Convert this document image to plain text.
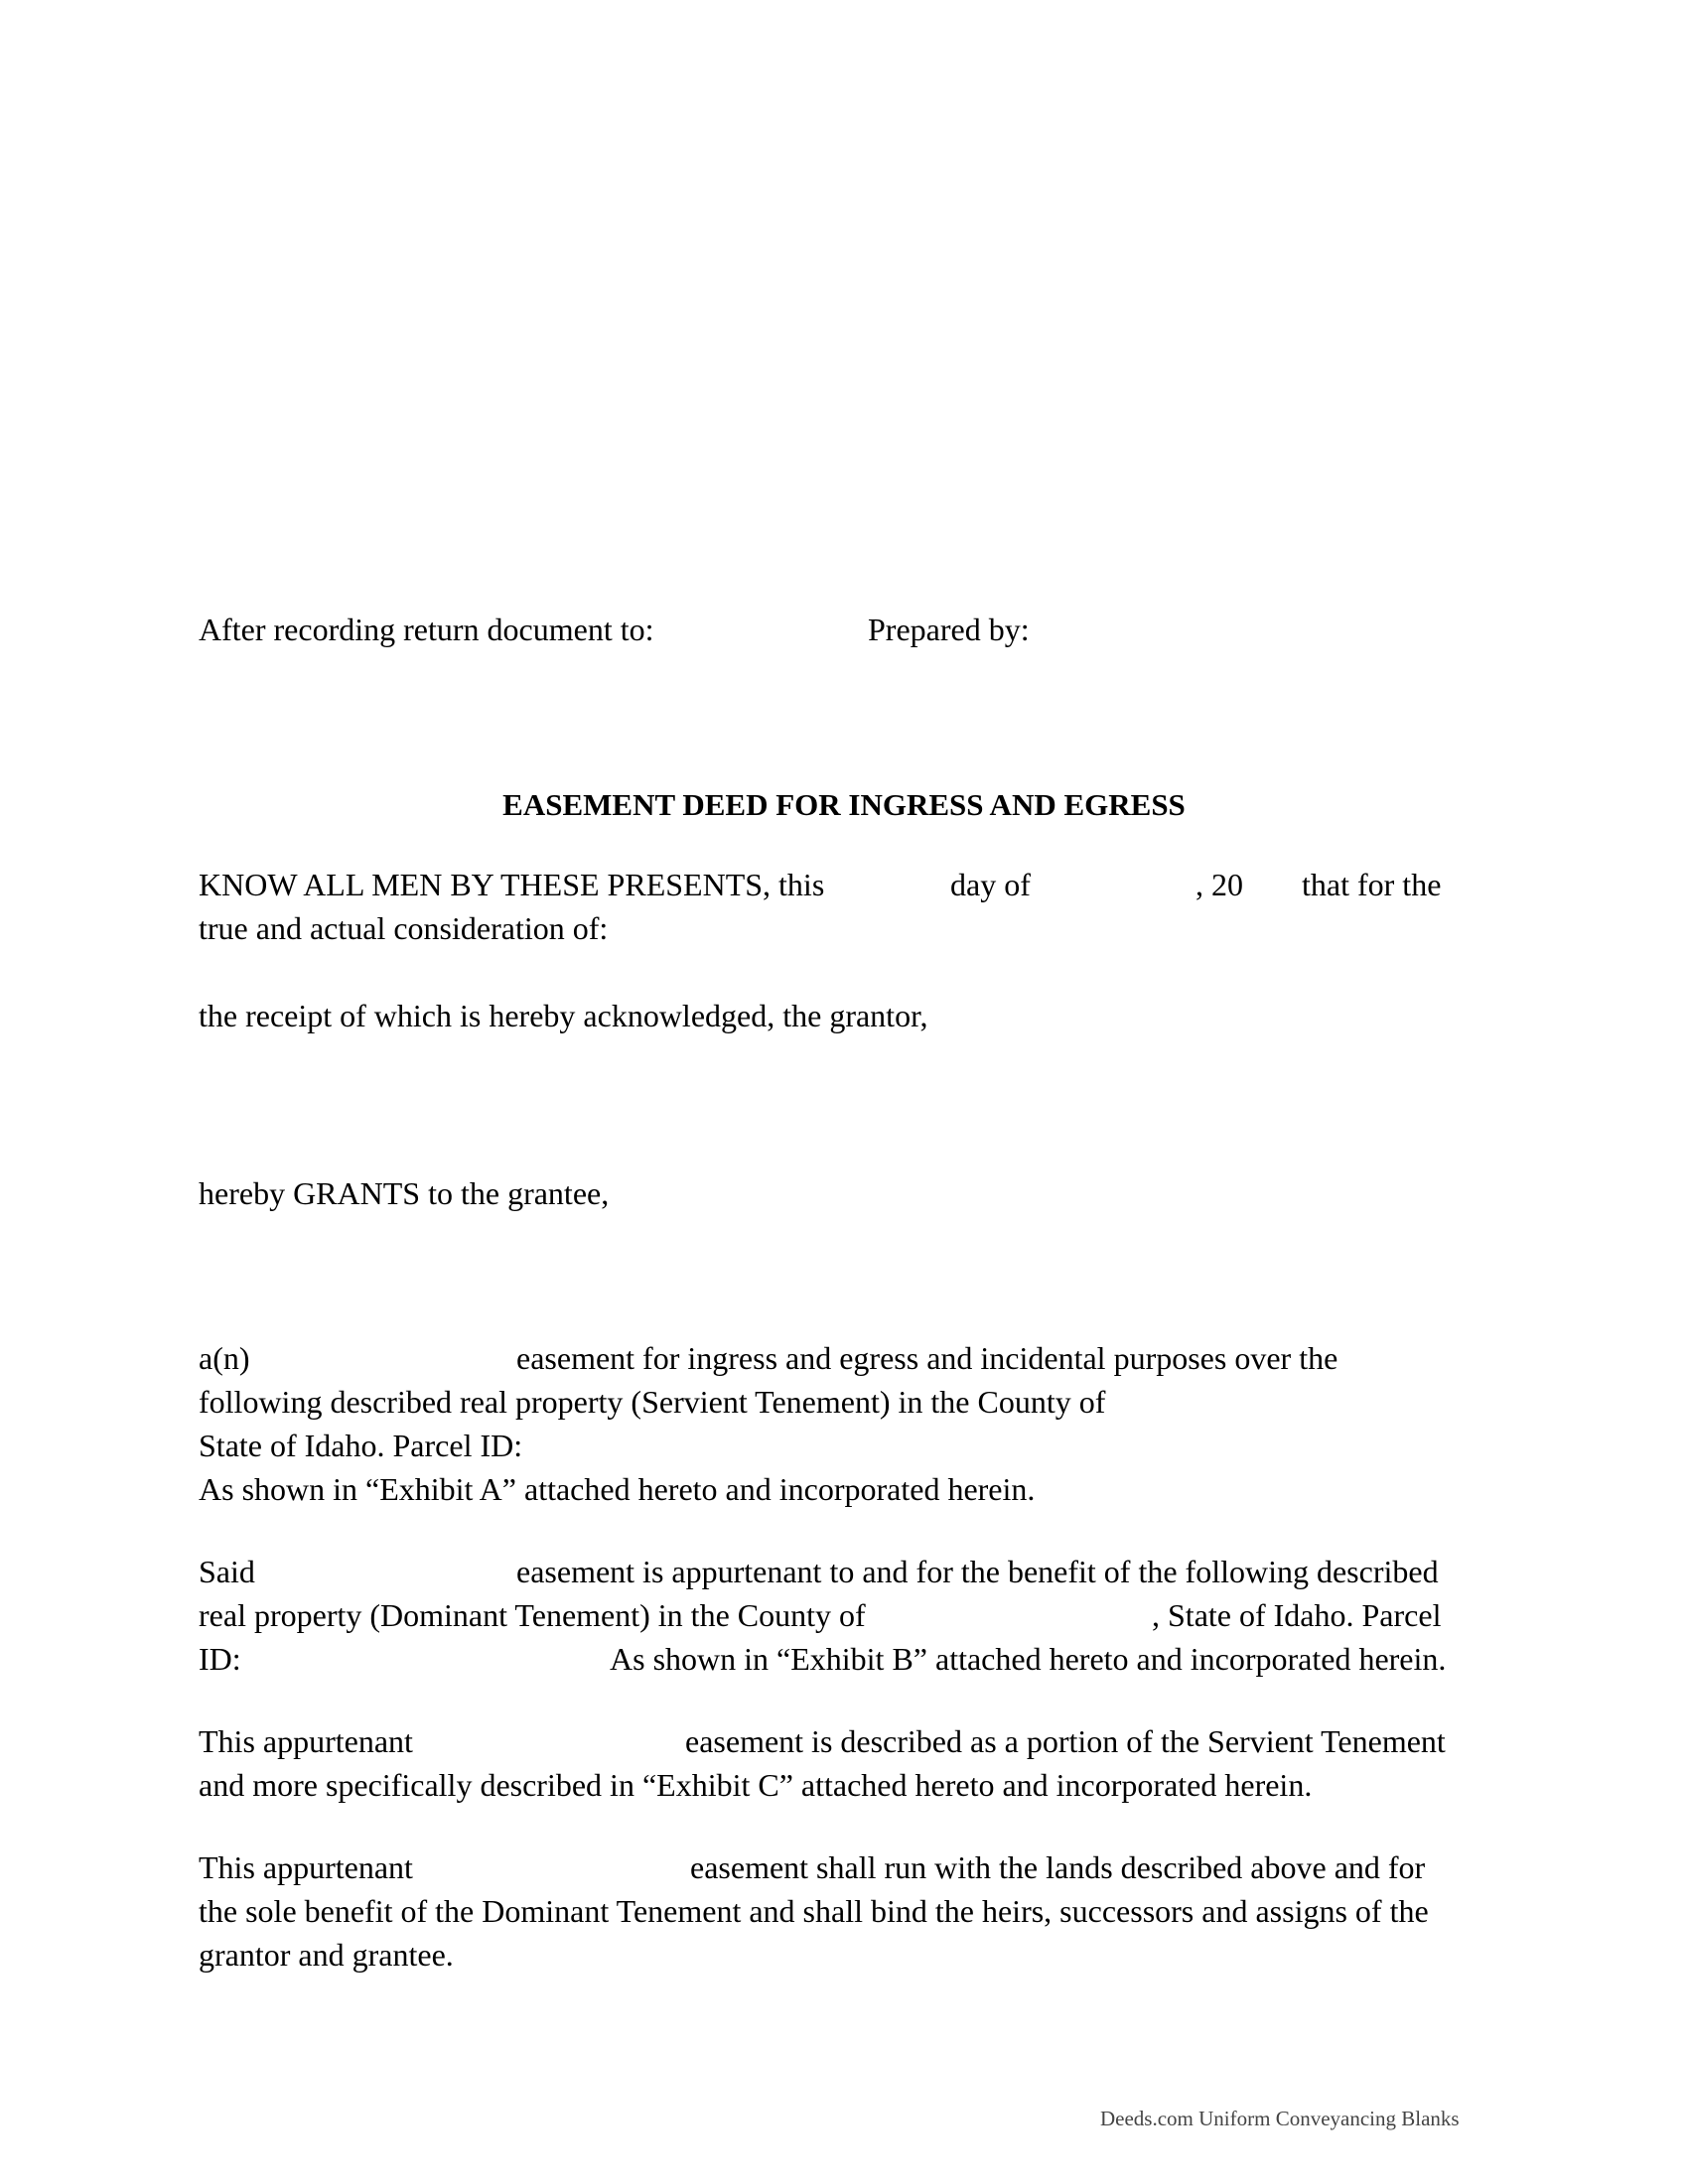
After recording return document to:	Prepared by:
EASEMENT DEED FOR INGRESS AND EGRESS
KNOW ALL MEN BY THESE PRESENTS, this	day of	, 20 that for the
true and actual consideration of:
the receipt of which is hereby acknowledged, the grantor,
hereby GRANTS to the grantee,
a(n)	easement for ingress and egress and incidental purposes over the
following described real property (Servient Tenement) in the County of
State of Idaho. Parcel ID:
As shown in “Exhibit A” attached hereto and incorporated herein.
Said	easement is appurtenant to and for the benefit of the following described
real property (Dominant Tenement) in the County of	, State of Idaho. Parcel
ID:	As shown in “Exhibit B” attached hereto and incorporated herein.
This appurtenant	easement is described as a portion of the Servient Tenement
and more specifically described in “Exhibit C” attached hereto and incorporated herein.
This appurtenant	easement shall run with the lands described above and for
the sole benefit of the Dominant Tenement and shall bind the heirs, successors and assigns of the
grantor and grantee.
Deeds.com Uniform Conveyancing Blanks
